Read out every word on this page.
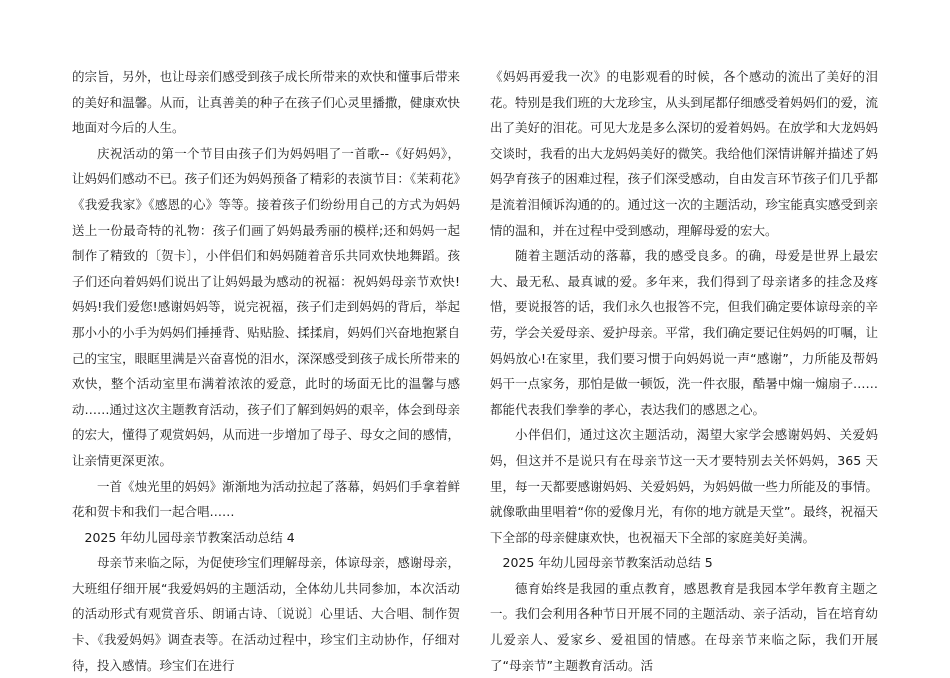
的宗旨，另外，也让母亲们感受到孩子成长所带来的欢快和懂事后带来的美好和温馨。从而，让真善美的种子在孩子们心灵里播撒，健康欢快地面对今后的人生。

庆祝活动的第一个节目由孩子们为妈妈唱了一首歌--《好妈妈》，让妈妈们感动不已。孩子们还为妈妈预备了精彩的表演节目：《茉莉花》《我爱我家》《感恩的心》等等。接着孩子们纷纷用自己的方式为妈妈送上一份最奇特的礼物：孩子们画了妈妈最秀丽的模样;还和妈妈一起制作了精致的〔贺卡〕，小伴侣们和妈妈随着音乐共同欢快地舞蹈。孩子们还向着妈妈们说出了让妈妈最为感动的祝福：祝妈妈母亲节欢快!妈妈!我们爱您!感谢妈妈等，说完祝福，孩子们走到妈妈的背后，举起那小小的小手为妈妈们捶捶背、贴贴脸、揉揉肩，妈妈们兴奋地抱紧自己的宝宝，眼眶里满是兴奋喜悦的泪水，深深感受到孩子成长所带来的欢快，整个活动室里布满着浓浓的爱意，此时的场面无比的温馨与感动……通过这次主题教育活动，孩子们了解到妈妈的艰辛，体会到母亲的宏大，懂得了观赏妈妈，从而进一步增加了母子、母女之间的感情，让亲情更深更浓。

一首《烛光里的妈妈》渐渐地为活动拉起了落幕，妈妈们手拿着鲜花和贺卡和我们一起合唱……

2025 年幼儿园母亲节教案活动总结 4

母亲节来临之际，为促使珍宝们理解母亲，体谅母亲，感谢母亲，大班组仔细开展“我爱妈妈的主题活动，全体幼儿共同参加，本次活动的活动形式有观赏音乐、朗诵古诗、〔说说〕心里话、大合唱、制作贺卡、《我爱妈妈》调查表等。在活动过程中，珍宝们主动协作，仔细对待，投入感情。珍宝们在进行

《妈妈再爱我一次》的电影观看的时候，各个感动的流出了美好的泪花。特别是我们班的大龙珍宝，从头到尾都仔细感受着妈妈们的爱，流出了美好的泪花。可见大龙是多么深切的爱着妈妈。在放学和大龙妈妈交谈时，我看的出大龙妈妈美好的微笑。我给他们深情讲解并描述了妈妈孕育孩子的困难过程，孩子们深受感动，自由发言环节孩子们几乎都是流着泪倾诉沟通的的。通过这一次的主题活动，珍宝能真实感受到亲情的温和，并在过程中受到感动，理解母爱的宏大。

随着主题活动的落幕，我的感受良多。的确，母爱是世界上最宏大、最无私、最真诚的爱。多年来，我们得到了母亲诸多的挂念及疼惜，要说报答的话，我们永久也报答不完，但我们确定要体谅母亲的辛劳，学会关爱母亲、爱护母亲。平常，我们确定要记住妈妈的叮嘱，让妈妈放心!在家里，我们要习惯于向妈妈说一声“感谢”，力所能及帮妈妈干一点家务，那怕是做一顿饭，洗一件衣服，酷暑中煽一煽扇子……都能代表我们拳拳的孝心，表达我们的感恩之心。

小伴侣们，通过这次主题活动，渴望大家学会感谢妈妈、关爱妈妈，但这并不是说只有在母亲节这一天才要特别去关怀妈妈，365 天里，每一天都要感谢妈妈、关爱妈妈，为妈妈做一些力所能及的事情。就像歌曲里唱着“你的爱像月光，有你的地方就是天堂”。最终，祝福天下全部的母亲健康欢快，也祝福天下全部的家庭美好美满。

2025 年幼儿园母亲节教案活动总结 5

德育始终是我园的重点教育，感恩教育是我园本学年教育主题之一。我们会利用各种节日开展不同的主题活动、亲子活动，旨在培育幼儿爱亲人、爱家乡、爱祖国的情感。在母亲节来临之际，我们开展了“母亲节”主题教育活动。活
